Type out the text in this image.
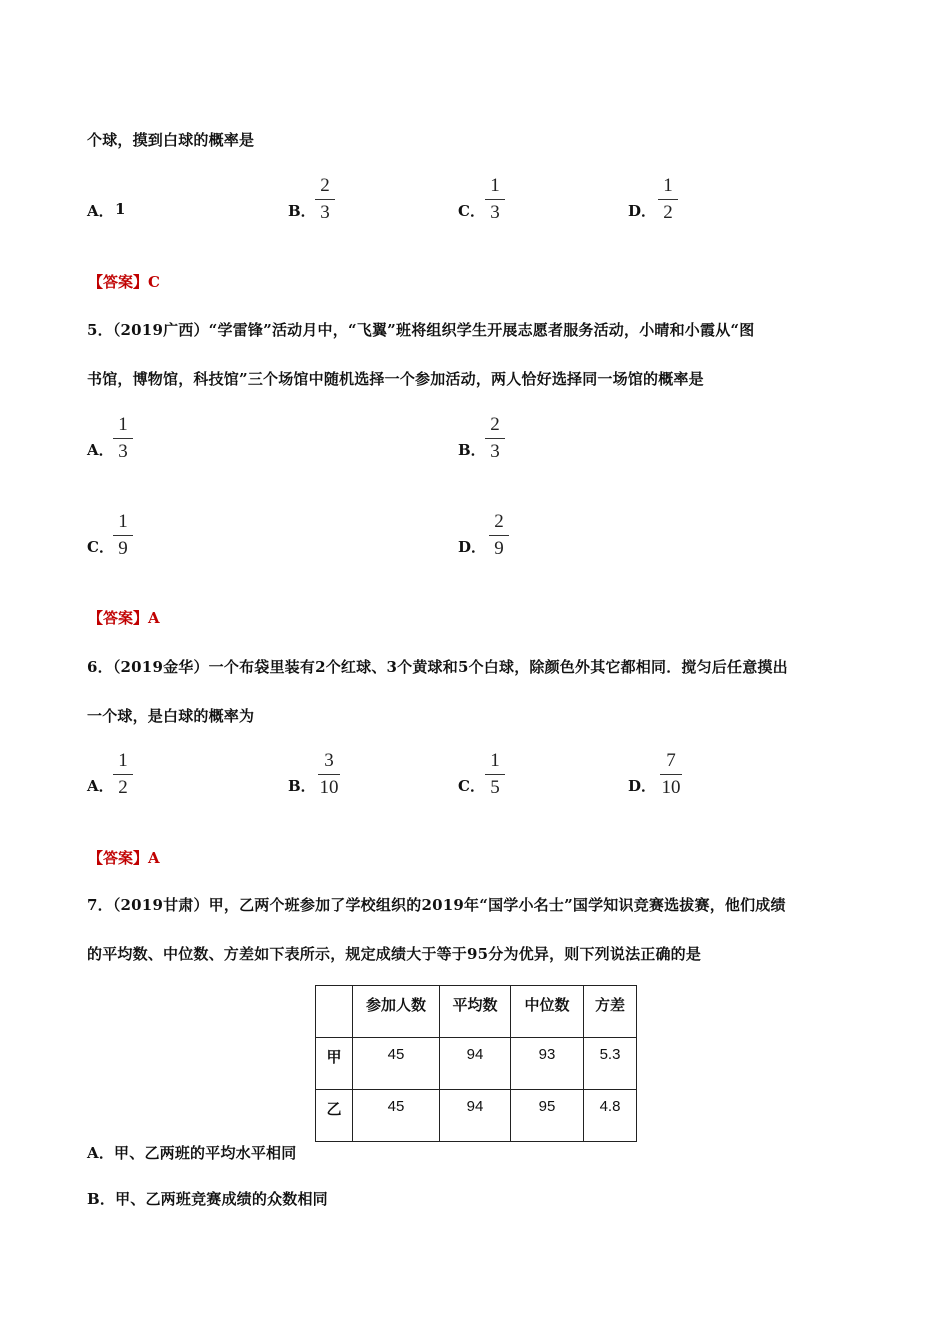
个球，摸到白球的概率是
A． 1	B．
2
3	C．
1
3	D．
1
2
【答案】C
5．（2019广西）“学雷锋”活动月中，“飞翼”班将组织学生开展志愿者服务活动，小晴和小霞从“图
书馆，博物馆，科技馆”三个场馆中随机选择一个参加活动，两人恰好选择同一场馆的概率是
A．
1
3	B．
2
3
C．
1
9	D．
2
9
【答案】A
6．（2019金华）一个布袋里装有2个红球、3个黄球和5个白球，除颜色外其它都相同．搅匀后任意摸出
一个球，是白球的概率为
A．
1
2	B．
3
10	C．
1
5	D．
7
10
【答案】A
7．（2019甘肃）甲，乙两个班参加了学校组织的2019年“国学小名士”国学知识竞赛选拔赛，他们成绩
的平均数、中位数、方差如下表所示，规定成绩大于等于95分为优异，则下列说法正确的是
	参加人数	平均数	中位数	方差
甲	45	94	93	5.3
乙	45	94	95	4.8
A．甲、乙两班的平均水平相同
B．甲、乙两班竞赛成绩的众数相同
